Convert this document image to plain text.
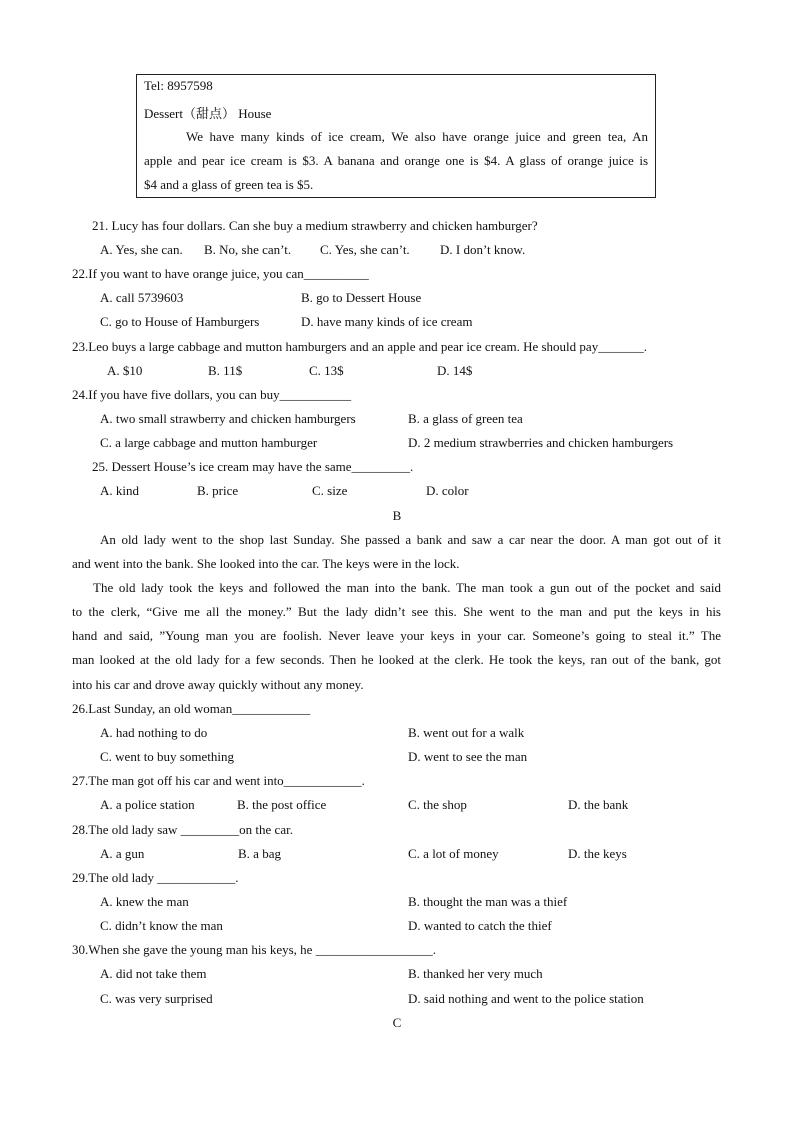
Tel: 8957598
Dessert（甜点） House
We have many kinds of ice cream, We also have orange juice and green tea, An
apple and pear ice cream is $3. A banana and orange one is $4. A glass of orange juice is
$4 and a glass of green tea is $5.
21. Lucy has four dollars. Can she buy a medium strawberry and chicken hamburger?
A. Yes, she can. B. No, she can’t. C. Yes, she can’t. D. I don’t know.
22.If you want to have orange juice, you can__________
A. call 5739603	B. go to Dessert House
C. go to House of Hamburgers	D. have many kinds of ice cream
23.Leo buys a large cabbage and mutton hamburgers and an apple and pear ice cream. He should pay_______.
A. $10	B. 11$	C. 13$	D. 14$
24.If you have five dollars, you can buy___________
A. two small strawberry and chicken hamburgers	B. a glass of green tea
C. a large cabbage and mutton hamburger	D. 2 medium strawberries and chicken hamburgers
25. Dessert House’s ice cream may have the same_________.
A. kind	B. price	C. size	D. color
B
An old lady went to the shop last Sunday. She passed a bank and saw a car near the door. A man got out of it
and went into the bank. She looked into the car. The keys were in the lock.
The old lady took the keys and followed the man into the bank. The man took a gun out of the pocket and said
to the clerk, “Give me all the money.” But the lady didn’t see this. She went to the man and put the keys in his
hand and said, ”Young man you are foolish. Never leave your keys in your car. Someone’s going to steal it.” The
man looked at the old lady for a few seconds. Then he looked at the clerk. He took the keys, ran out of the bank, got
into his car and drove away quickly without any money.
26.Last Sunday, an old woman____________
A. had nothing to do	B. went out for a walk
C. went to buy something	D. went to see the man
27.The man got off his car and went into____________.
A. a police station	B. the post office	C. the shop	D. the bank
28.The old lady saw _________on the car.
A. a gun	B. a bag	C. a lot of money	D. the keys
29.The old lady ____________.
A. knew the man	B. thought the man was a thief
C. didn’t know the man	D. wanted to catch the thief
30.When she gave the young man his keys, he __________________.
A. did not take them	B. thanked her very much
C. was very surprised	D. said nothing and went to the police station
C
